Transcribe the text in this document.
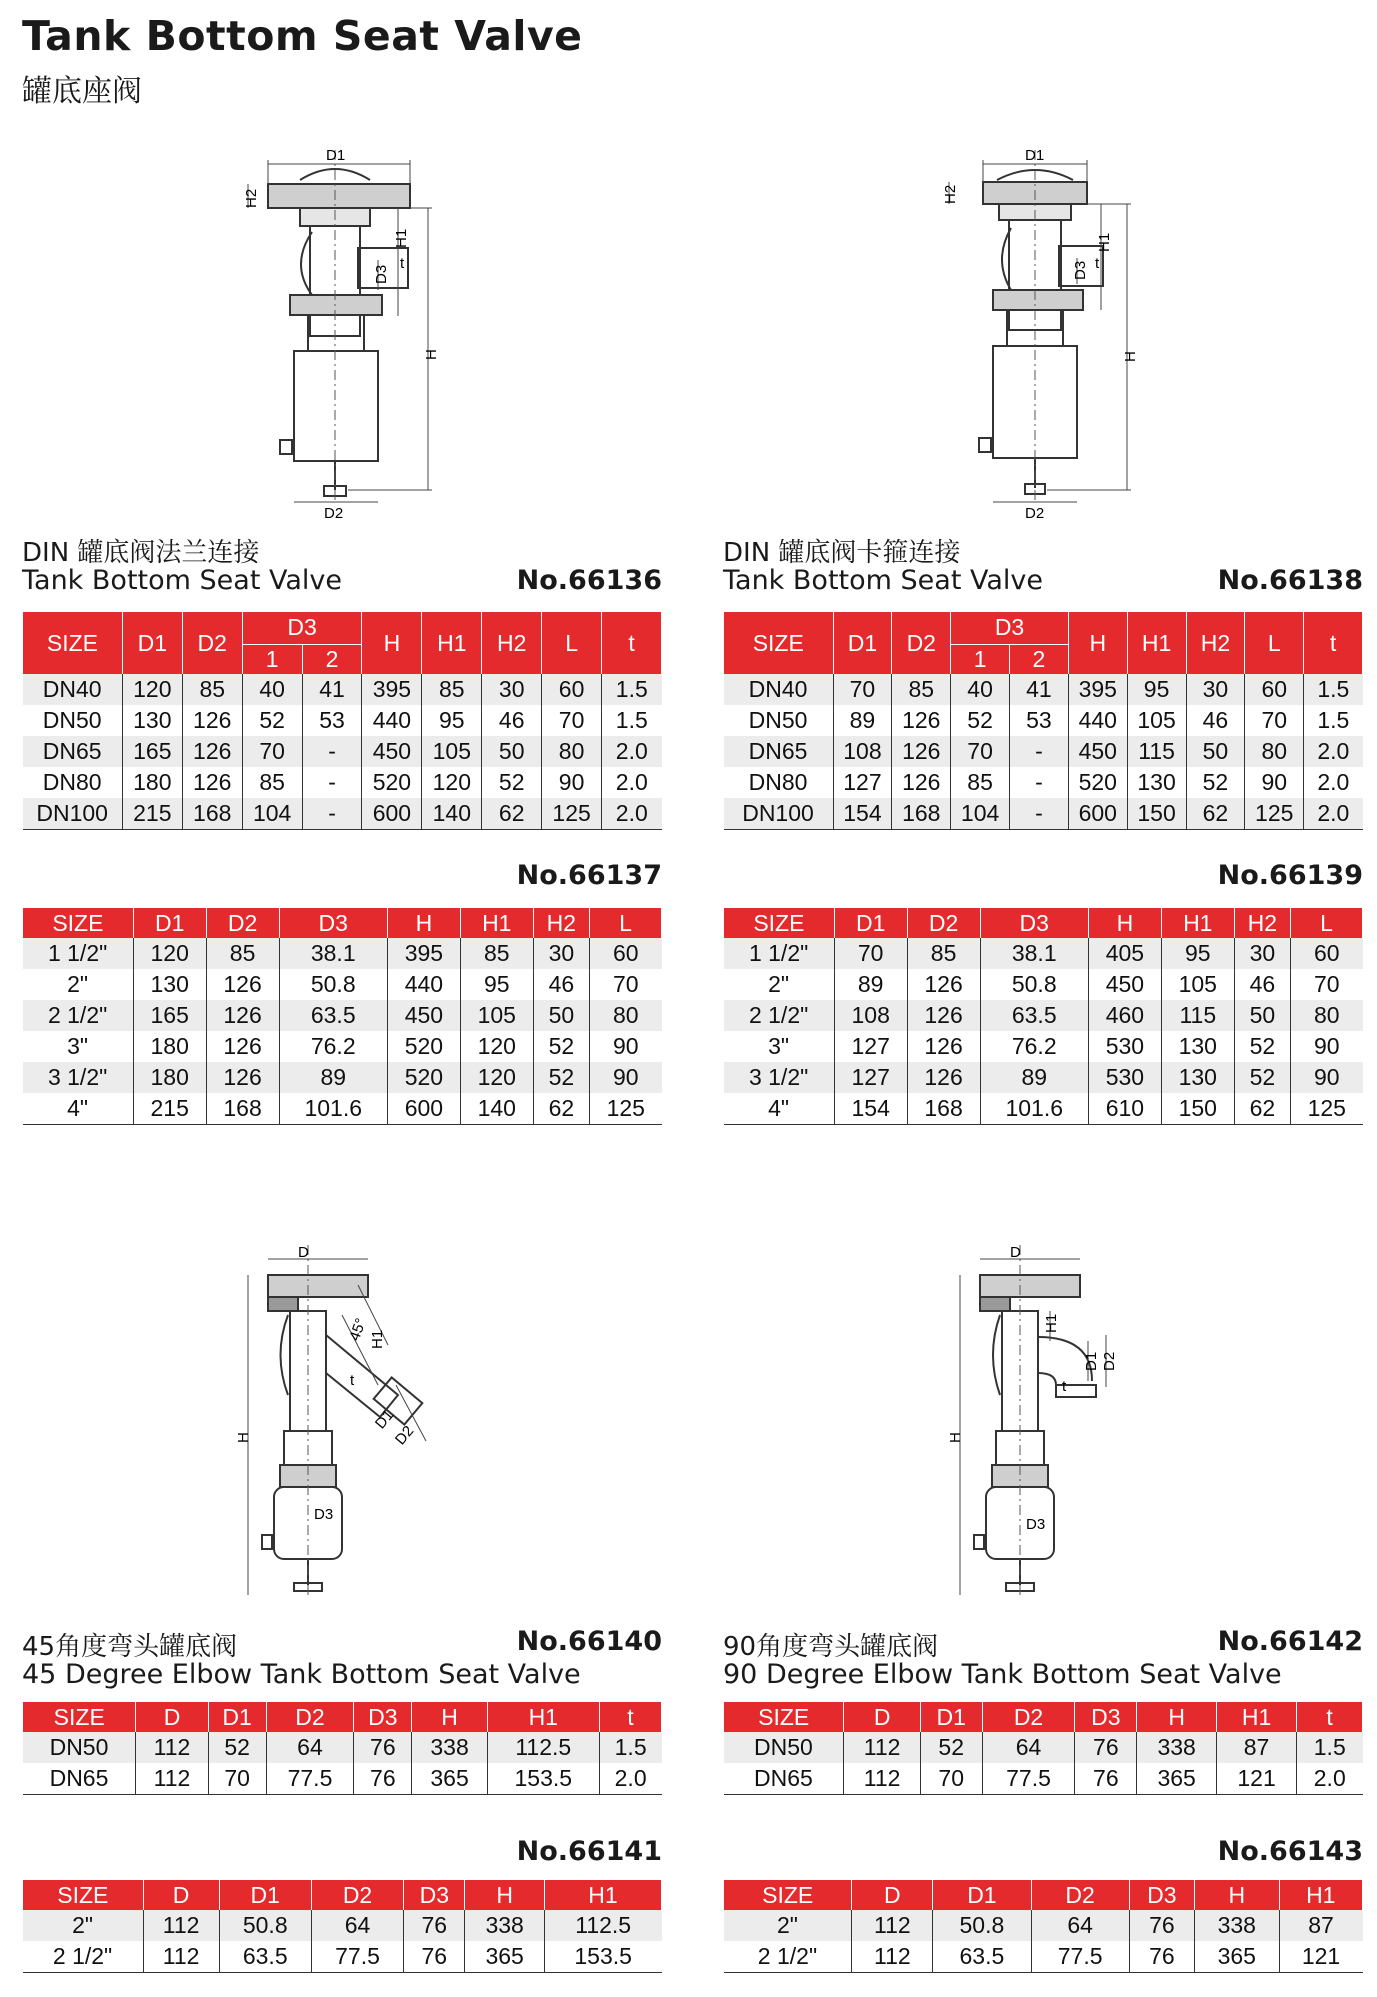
Tank Bottom Seat Valve
罐底座阀
D1
H2
H1
D3
t
H
D2
D1
H2
H1
D3 t
H
D2
DIN 罐底阀法兰连接
Tank Bottom Seat Valve	No.66136
SIZE	D1	D2	D3		H	H1	H2	L	t
			1	2					
DN40	120	85	40	41	395	85	30	60	1.5
DN50	130	126	52	53	440	95	46	70	1.5
DN65	165	126	70	-	450	105	50	80	2.0
DN80	180	126	85	-	520	120	52	90	2.0
DN100	215	168	104	-	600	140	62	125	2.0
DIN 罐底阀卡箍连接
Tank Bottom Seat Valve	No.66138
SIZE	D1	D2	D3		H	H1	H2	L	t
			1	2					
DN40	70	85	40	41	395	95	30	60	1.5
DN50	89	126	52	53	440	105	46	70	1.5
DN65	108	126	70	-	450	115	50	80	2.0
DN80	127	126	85	-	520	130	52	90	2.0
DN100	154	168	104	-	600	150	62	125	2.0
No.66137
SIZE	D1	D2	D3	H	H1	H2	L
1 1/2"	120	85	38.1	395	85	30	60
2"	130	126	50.8	440	95	46	70
2 1/2"	165	126	63.5	450	105	50	80
3"	180	126	76.2	520	120	52	90
3 1/2"	180	126	89	520	120	52	90
4"	215	168	101.6	600	140	62	125
No.66139
SIZE	D1	D2	D3	H	H1	H2	L
1 1/2"	70	85	38.1	405	95	30	60
2"	89	126	50.8	450	105	46	70
2 1/2"	108	126	63.5	460	115	50	80
3"	127	126	76.2	530	130	52	90
3 1/2"	127	126	89	530	130	52	90
4"	154	168	101.6	610	150	62	125
D
45° H1
D1
D2
D3
t
H
D
H1
D1 D2
D3
t
H
45角度弯头罐底阀
45 Degree Elbow Tank Bottom Seat Valve
No.66140
SIZE	D	D1	D2	D3	H	H1	t
DN50	112	52	64	76	338	112.5	1.5
DN65	112	70	77.5	76	365	153.5	2.0
90角度弯头罐底阀
90 Degree Elbow Tank Bottom Seat Valve
No.66142
SIZE	D	D1	D2	D3	H	H1	t
DN50	112	52	64	76	338	87	1.5
DN65	112	70	77.5	76	365	121	2.0
No.66141
SIZE	D	D1	D2	D3	H	H1
2"	112	50.8	64	76	338	112.5
2 1/2"	112	63.5	77.5	76	365	153.5
No.66143
SIZE	D	D1	D2	D3	H	H1
2"	112	50.8	64	76	338	87
2 1/2"	112	63.5	77.5	76	365	121
